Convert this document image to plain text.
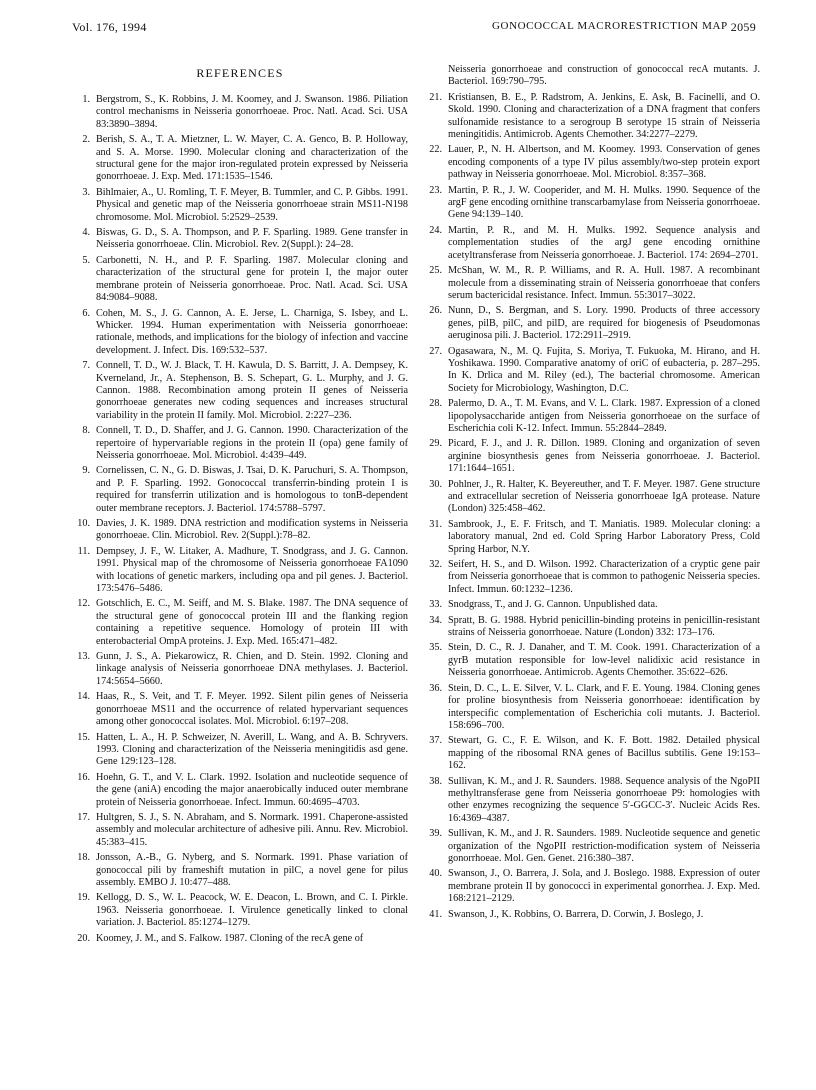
Vol. 176, 1994	GONOCOCCAL MACRORESTRICTION MAP 2059
REFERENCES
1. Bergstrom, S., K. Robbins, J. M. Koomey, and J. Swanson. 1986. Piliation control mechanisms in Neisseria gonorrhoeae. Proc. Natl. Acad. Sci. USA 83:3890–3894.
2. Berish, S. A., T. A. Mietzner, L. W. Mayer, C. A. Genco, B. P. Holloway, and S. A. Morse. 1990. Molecular cloning and characterization of the structural gene for the major iron-regulated protein expressed by Neisseria gonorrhoeae. J. Exp. Med. 171:1535–1546.
3. Bihlmaier, A., U. Romling, T. F. Meyer, B. Tummler, and C. P. Gibbs. 1991. Physical and genetic map of the Neisseria gonorrhoeae strain MS11-N198 chromosome. Mol. Microbiol. 5:2529–2539.
4. Biswas, G. D., S. A. Thompson, and P. F. Sparling. 1989. Gene transfer in Neisseria gonorrhoeae. Clin. Microbiol. Rev. 2(Suppl.): 24–28.
5. Carbonetti, N. H., and P. F. Sparling. 1987. Molecular cloning and characterization of the structural gene for protein I, the major outer membrane protein of Neisseria gonorrhoeae. Proc. Natl. Acad. Sci. USA 84:9084–9088.
6. Cohen, M. S., J. G. Cannon, A. E. Jerse, L. Charniga, S. Isbey, and L. Whicker. 1994. Human experimentation with Neisseria gonorrhoeae: rationale, methods, and implications for the biology of infection and vaccine development. J. Infect. Dis. 169:532–537.
7. Connell, T. D., W. J. Black, T. H. Kawula, D. S. Barritt, J. A. Dempsey, K. Kverneland, Jr., A. Stephenson, B. S. Schepart, G. L. Murphy, and J. G. Cannon. 1988. Recombination among protein II genes of Neisseria gonorrhoeae generates new coding sequences and increases structural variability in the protein II family. Mol. Microbiol. 2:227–236.
8. Connell, T. D., D. Shaffer, and J. G. Cannon. 1990. Characterization of the repertoire of hypervariable regions in the protein II (opa) gene family of Neisseria gonorrhoeae. Mol. Microbiol. 4:439–449.
9. Cornelissen, C. N., G. D. Biswas, J. Tsai, D. K. Paruchuri, S. A. Thompson, and P. F. Sparling. 1992. Gonococcal transferrin-binding protein I is required for transferrin utilization and is homologous to tonB-dependent outer membrane receptors. J. Bacteriol. 174:5788–5797.
10. Davies, J. K. 1989. DNA restriction and modification systems in Neisseria gonorrhoeae. Clin. Microbiol. Rev. 2(Suppl.):78–82.
11. Dempsey, J. F., W. Litaker, A. Madhure, T. Snodgrass, and J. G. Cannon. 1991. Physical map of the chromosome of Neisseria gonorrhoeae FA1090 with locations of genetic markers, including opa and pil genes. J. Bacteriol. 173:5476–5486.
12. Gotschlich, E. C., M. Seiff, and M. S. Blake. 1987. The DNA sequence of the structural gene of gonococcal protein III and the flanking region containing a repetitive sequence. Homology of protein III with enterobacterial OmpA proteins. J. Exp. Med. 165:471–482.
13. Gunn, J. S., A. Piekarowicz, R. Chien, and D. Stein. 1992. Cloning and linkage analysis of Neisseria gonorrhoeae DNA methylases. J. Bacteriol. 174:5654–5660.
14. Haas, R., S. Veit, and T. F. Meyer. 1992. Silent pilin genes of Neisseria gonorrhoeae MS11 and the occurrence of related hypervariant sequences among other gonococcal isolates. Mol. Microbiol. 6:197–208.
15. Hatten, L. A., H. P. Schweizer, N. Averill, L. Wang, and A. B. Schryvers. 1993. Cloning and characterization of the Neisseria meningitidis asd gene. Gene 129:123–128.
16. Hoehn, G. T., and V. L. Clark. 1992. Isolation and nucleotide sequence of the gene (aniA) encoding the major anaerobically induced outer membrane protein of Neisseria gonorrhoeae. Infect. Immun. 60:4695–4703.
17. Hultgren, S. J., S. N. Abraham, and S. Normark. 1991. Chaperone-assisted assembly and molecular architecture of adhesive pili. Annu. Rev. Microbiol. 45:383–415.
18. Jonsson, A.-B., G. Nyberg, and S. Normark. 1991. Phase variation of gonococcal pili by frameshift mutation in pilC, a novel gene for pilus assembly. EMBO J. 10:477–488.
19. Kellogg, D. S., W. L. Peacock, W. E. Deacon, L. Brown, and C. I. Pirkle. 1963. Neisseria gonorrhoeae. I. Virulence genetically linked to clonal variation. J. Bacteriol. 85:1274–1279.
20. Koomey, J. M., and S. Falkow. 1987. Cloning of the recA gene of

Neisseria gonorrhoeae and construction of gonococcal recA mutants. J. Bacteriol. 169:790–795.

21. Kristiansen, B. E., P. Radstrom, A. Jenkins, E. Ask, B. Facinelli, and O. Skold. 1990. Cloning and characterization of a DNA fragment that confers sulfonamide resistance to a serogroup B serotype 15 strain of Neisseria meningitidis. Antimicrob. Agents Chemother. 34:2277–2279.
22. Lauer, P., N. H. Albertson, and M. Koomey. 1993. Conservation of genes encoding components of a type IV pilus assembly/two-step protein export pathway in Neisseria gonorrhoeae. Mol. Microbiol. 8:357–368.
23. Martin, P. R., J. W. Cooperider, and M. H. Mulks. 1990. Sequence of the argF gene encoding ornithine transcarbamylase from Neisseria gonorrhoeae. Gene 94:139–140.
24. Martin, P. R., and M. H. Mulks. 1992. Sequence analysis and complementation studies of the argJ gene encoding ornithine acetyltransferase from Neisseria gonorrhoeae. J. Bacteriol. 174: 2694–2701.
25. McShan, W. M., R. P. Williams, and R. A. Hull. 1987. A recombinant molecule from a disseminating strain of Neisseria gonorrhoeae that confers serum bactericidal resistance. Infect. Immun. 55:3017–3022.
26. Nunn, D., S. Bergman, and S. Lory. 1990. Products of three accessory genes, pilB, pilC, and pilD, are required for biogenesis of Pseudomonas aeruginosa pili. J. Bacteriol. 172:2911–2919.
27. Ogasawara, N., M. Q. Fujita, S. Moriya, T. Fukuoka, M. Hirano, and H. Yoshikawa. 1990. Comparative anatomy of oriC of eubacteria, p. 287–295. In K. Drlica and M. Riley (ed.), The bacterial chromosome. American Society for Microbiology, Washington, D.C.
28. Palermo, D. A., T. M. Evans, and V. L. Clark. 1987. Expression of a cloned lipopolysaccharide antigen from Neisseria gonorrhoeae on the surface of Escherichia coli K-12. Infect. Immun. 55:2844–2849.
29. Picard, F. J., and J. R. Dillon. 1989. Cloning and organization of seven arginine biosynthesis genes from Neisseria gonorrhoeae. J. Bacteriol. 171:1644–1651.
30. Pohlner, J., R. Halter, K. Beyereuther, and T. F. Meyer. 1987. Gene structure and extracellular secretion of Neisseria gonorrhoeae IgA protease. Nature (London) 325:458–462.
31. Sambrook, J., E. F. Fritsch, and T. Maniatis. 1989. Molecular cloning: a laboratory manual, 2nd ed. Cold Spring Harbor Laboratory Press, Cold Spring Harbor, N.Y.
32. Seifert, H. S., and D. Wilson. 1992. Characterization of a cryptic gene pair from Neisseria gonorrhoeae that is common to pathogenic Neisseria species. Infect. Immun. 60:1232–1236.
33. Snodgrass, T., and J. G. Cannon. Unpublished data.
34. Spratt, B. G. 1988. Hybrid penicillin-binding proteins in penicillin-resistant strains of Neisseria gonorrhoeae. Nature (London) 332: 173–176.
35. Stein, D. C., R. J. Danaher, and T. M. Cook. 1991. Characterization of a gyrB mutation responsible for low-level nalidixic acid resistance in Neisseria gonorrhoeae. Antimicrob. Agents Chemother. 35:622–626.
36. Stein, D. C., L. E. Silver, V. L. Clark, and F. E. Young. 1984. Cloning genes for proline biosynthesis from Neisseria gonorrhoeae: identification by interspecific complementation of Escherichia coli mutants. J. Bacteriol. 158:696–700.
37. Stewart, G. C., F. E. Wilson, and K. F. Bott. 1982. Detailed physical mapping of the ribosomal RNA genes of Bacillus subtilis. Gene 19:153–162.
38. Sullivan, K. M., and J. R. Saunders. 1988. Sequence analysis of the NgoPII methyltransferase gene from Neisseria gonorrhoeae P9: homologies with other enzymes recognizing the sequence 5′-GGCC-3′. Nucleic Acids Res. 16:4369–4387.
39. Sullivan, K. M., and J. R. Saunders. 1989. Nucleotide sequence and genetic organization of the NgoPII restriction-modification system of Neisseria gonorrhoeae. Mol. Gen. Genet. 216:380–387.
40. Swanson, J., O. Barrera, J. Sola, and J. Boslego. 1988. Expression of outer membrane protein II by gonococci in experimental gonorrhea. J. Exp. Med. 168:2121–2129.
41. Swanson, J., K. Robbins, O. Barrera, D. Corwin, J. Boslego, J.
